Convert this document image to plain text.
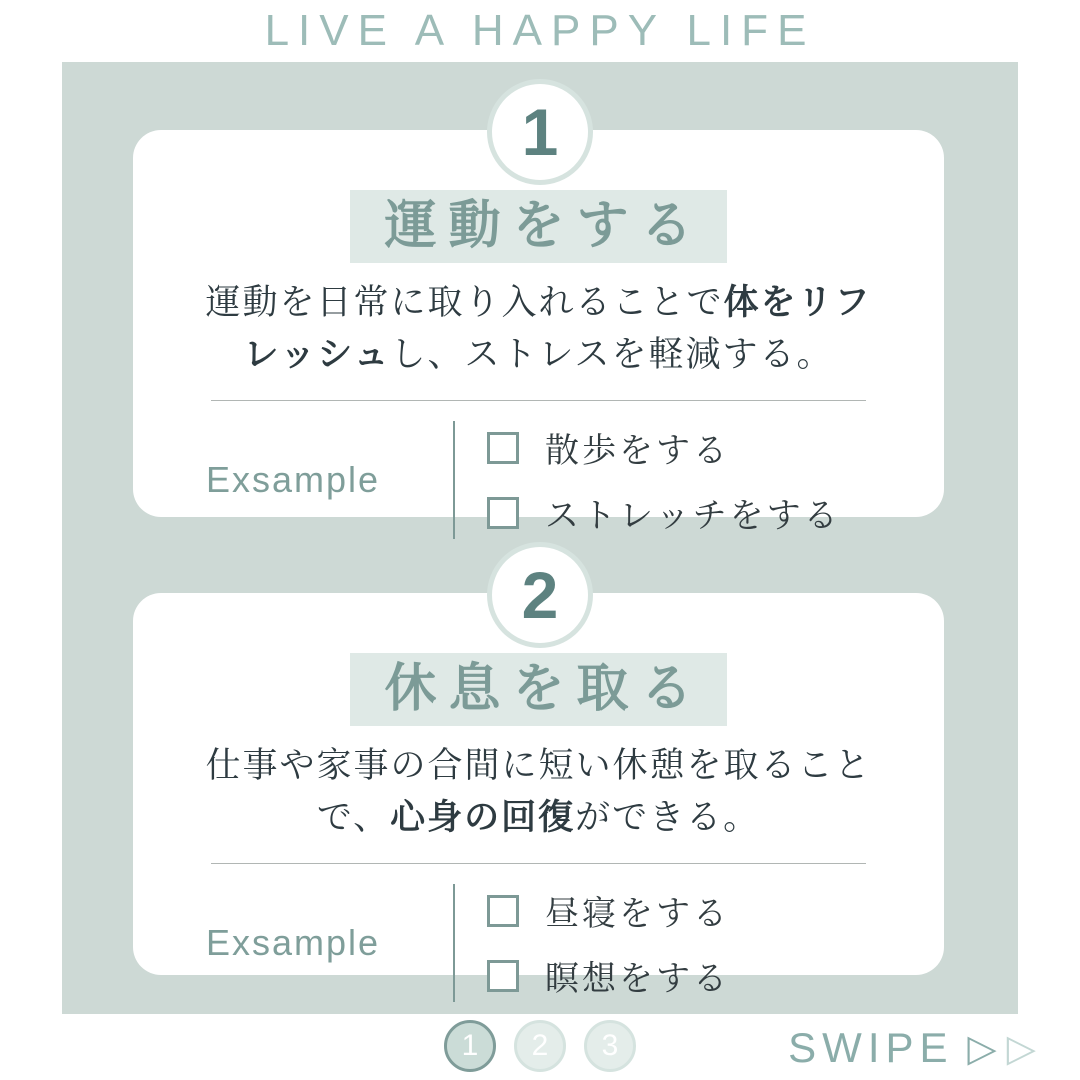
LIVE A HAPPY LIFE
1
2
運動をする
運動を日常に取り入れることで体をリフレッシュし、ストレスを軽減する。
Exsample
散歩をする
ストレッチをする
休息を取る
仕事や家事の合間に短い休憩を取ることで、心身の回復ができる。
Exsample
昼寝をする
瞑想をする
1	2	3	SWIPE ▷ ▷
